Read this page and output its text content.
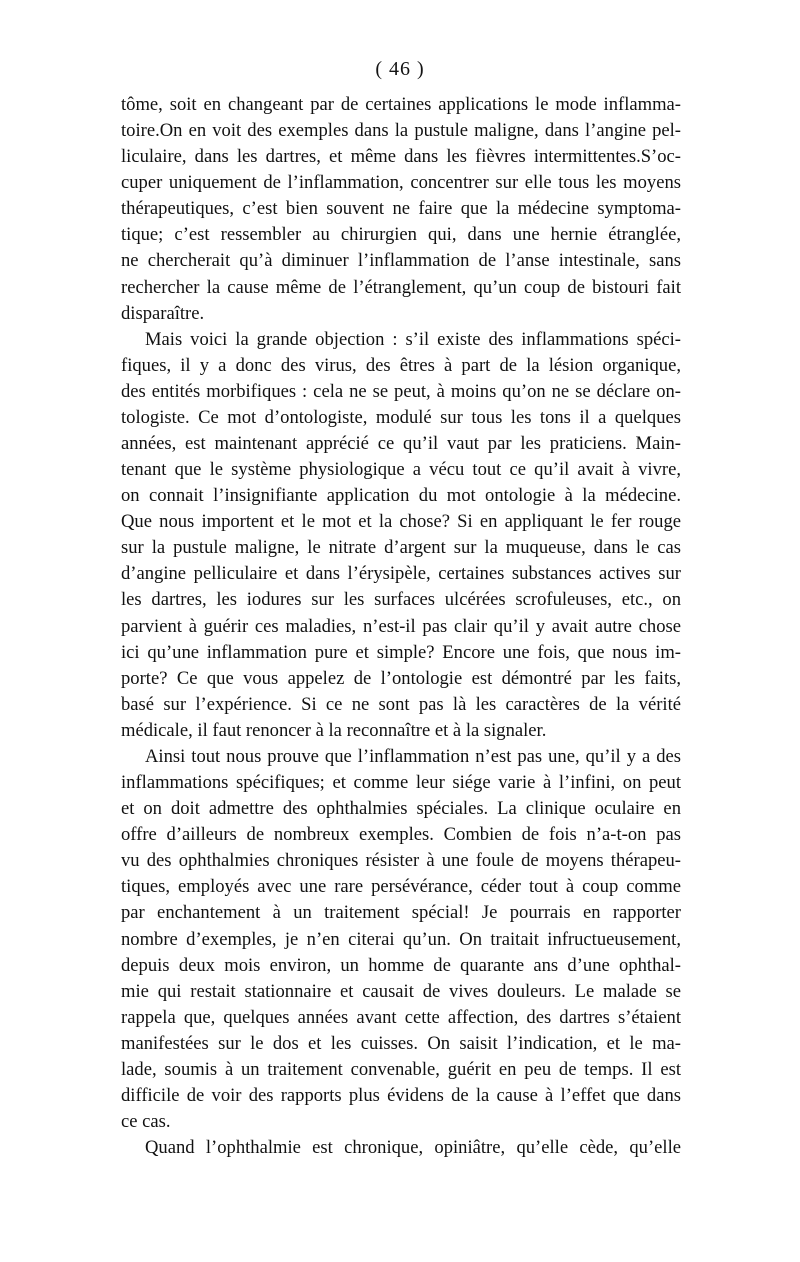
( 46 )
tôme, soit en changeant par de certaines applications le mode inflamma-
toire.On en voit des exemples dans la pustule maligne, dans l’angine pel-
liculaire, dans les dartres, et même dans les fièvres intermittentes.S’oc-
cuper uniquement de l’inflammation, concentrer sur elle tous les moyens
thérapeutiques, c’est bien souvent ne faire que la médecine symptoma-
tique; c’est ressembler au chirurgien qui, dans une hernie étranglée,
ne chercherait qu’à diminuer l’inflammation de l’anse intestinale, sans
rechercher la cause même de l’étranglement, qu’un coup de bistouri fait
disparaître.
Mais voici la grande objection : s’il existe des inflammations spéci-
fiques, il y a donc des virus, des êtres à part de la lésion organique,
des entités morbifiques : cela ne se peut, à moins qu’on ne se déclare on-
tologiste. Ce mot d’ontologiste, modulé sur tous les tons il a quelques
années, est maintenant apprécié ce qu’il vaut par les praticiens. Main-
tenant que le système physiologique a vécu tout ce qu’il avait à vivre,
on connait l’insignifiante application du mot ontologie à la médecine.
Que nous importent et le mot et la chose? Si en appliquant le fer rouge
sur la pustule maligne, le nitrate d’argent sur la muqueuse, dans le cas
d’angine pelliculaire et dans l’érysipèle, certaines substances actives sur
les dartres, les iodures sur les surfaces ulcérées scrofuleuses, etc., on
parvient à guérir ces maladies, n’est-il pas clair qu’il y avait autre chose
ici qu’une inflammation pure et simple? Encore une fois, que nous im-
porte? Ce que vous appelez de l’ontologie est démontré par les faits,
basé sur l’expérience. Si ce ne sont pas là les caractères de la vérité
médicale, il faut renoncer à la reconnaître et à la signaler.
Ainsi tout nous prouve que l’inflammation n’est pas une, qu’il y a des
inflammations spécifiques; et comme leur siége varie à l’infini, on peut
et on doit admettre des ophthalmies spéciales. La clinique oculaire en
offre d’ailleurs de nombreux exemples. Combien de fois n’a-t-on pas
vu des ophthalmies chroniques résister à une foule de moyens thérapeu-
tiques, employés avec une rare persévérance, céder tout à coup comme
par enchantement à un traitement spécial! Je pourrais en rapporter
nombre d’exemples, je n’en citerai qu’un. On traitait infructueusement,
depuis deux mois environ, un homme de quarante ans d’une ophthal-
mie qui restait stationnaire et causait de vives douleurs. Le malade se
rappela que, quelques années avant cette affection, des dartres s’étaient
manifestées sur le dos et les cuisses. On saisit l’indication, et le ma-
lade, soumis à un traitement convenable, guérit en peu de temps. Il est
difficile de voir des rapports plus évidens de la cause à l’effet que dans
ce cas.
Quand l’ophthalmie est chronique, opiniâtre, qu’elle cède, qu’elle
